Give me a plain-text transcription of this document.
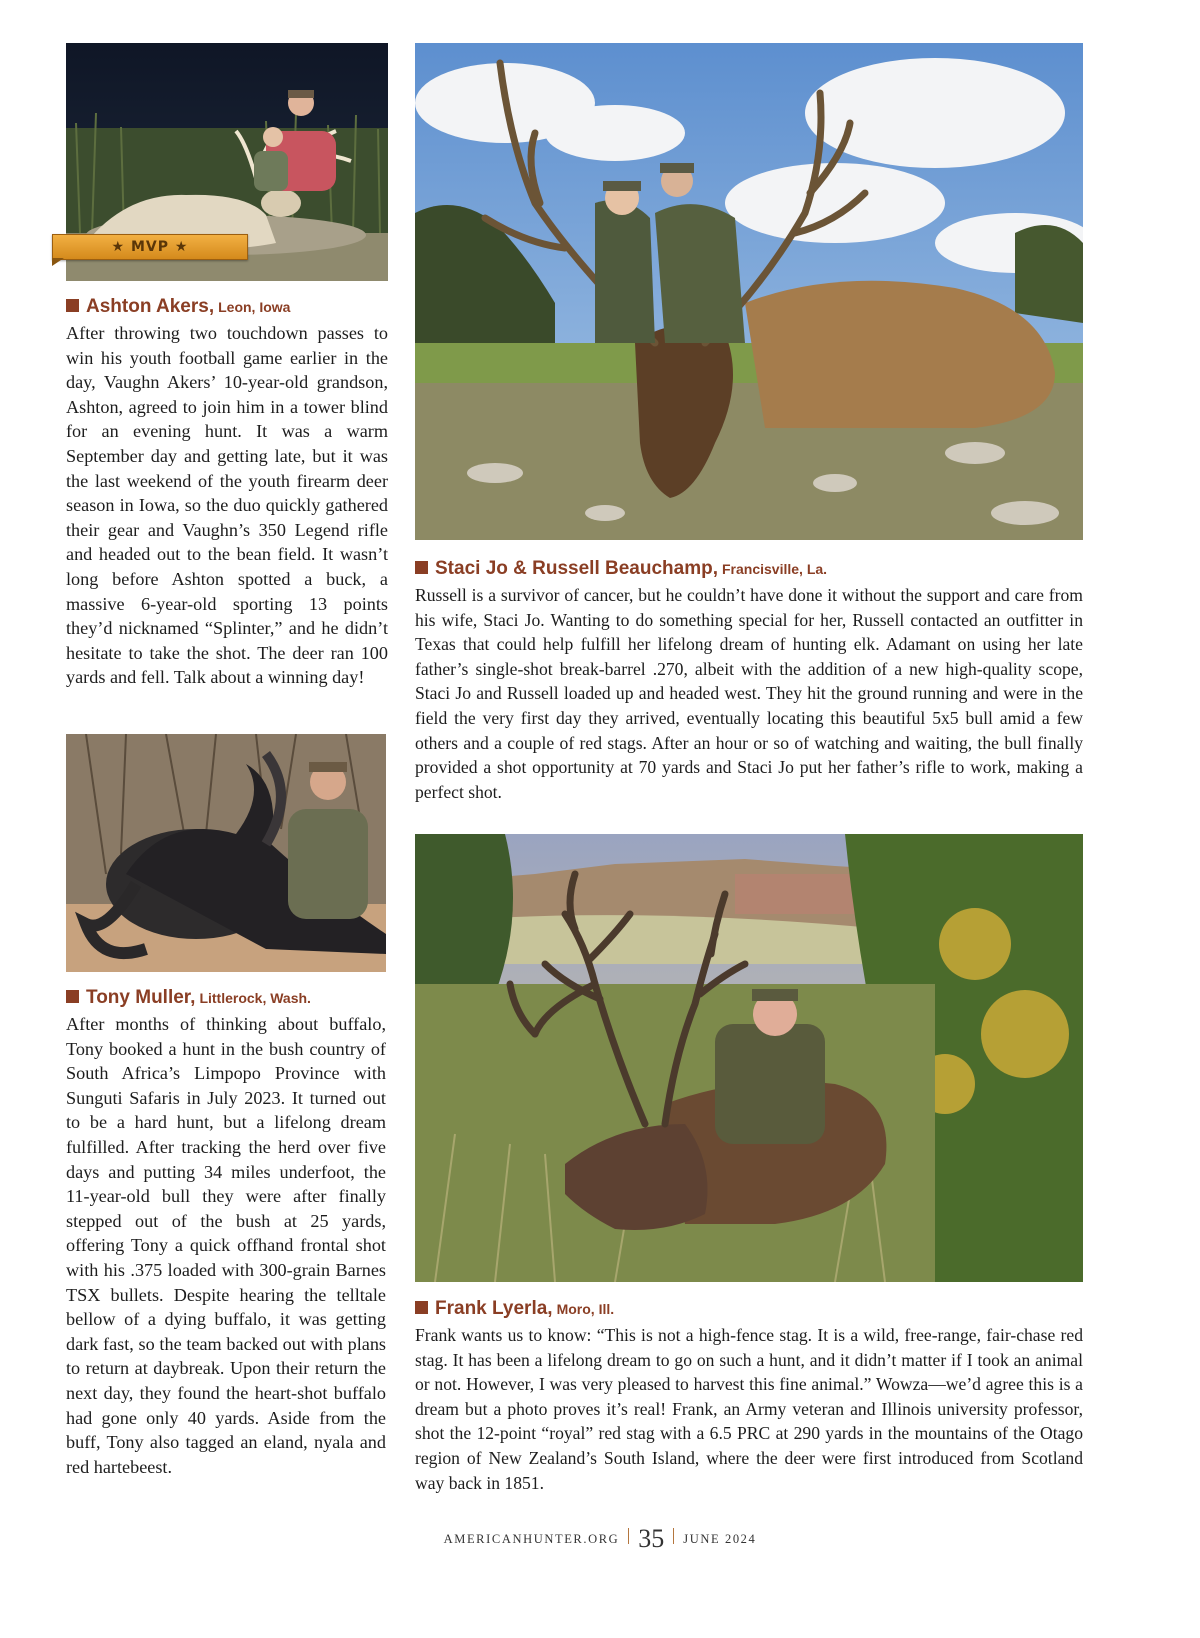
★ MVP ★
Ashton Akers, Leon, Iowa
After throwing two touchdown passes to win his youth football game earlier in the day, Vaughn Akers’ 10-year-old grandson, Ashton, agreed to join him in a tower blind for an evening hunt. It was a warm September day and getting late, but it was the last weekend of the youth firearm deer season in Iowa, so the duo quickly gathered their gear and Vaughn’s 350 Legend rifle and headed out to the bean field. It wasn’t long before Ashton spotted a buck, a massive 6-year-old sporting 13 points they’d nicknamed “Splinter,” and he didn’t hesitate to take the shot. The deer ran 100 yards and fell. Talk about a winning day!
Staci Jo & Russell Beauchamp, Francisville, La.
Russell is a survivor of cancer, but he couldn’t have done it without the support and care from his wife, Staci Jo. Wanting to do something special for her, Russell contacted an outfitter in Texas that could help fulfill her lifelong dream of hunting elk. Adamant on using her late father’s single-shot break-barrel .270, albeit with the addition of a new high-quality scope, Staci Jo and Russell loaded up and headed west. They hit the ground running and were in the field the very first day they arrived, eventually locating this beautiful 5x5 bull amid a few others and a couple of red stags. After an hour or so of watching and waiting, the bull finally provided a shot opportunity at 70 yards and Staci Jo put her father’s rifle to work, making a perfect shot.
Tony Muller, Littlerock, Wash.
After months of thinking about buffalo, Tony booked a hunt in the bush country of South Africa’s Limpopo Province with Sunguti Safaris in July 2023. It turned out to be a hard hunt, but a lifelong dream fulfilled. After tracking the herd over five days and putting 34 miles underfoot, the 11-year-old bull they were after finally stepped out of the bush at 25 yards, offering Tony a quick offhand frontal shot with his .375 loaded with 300-grain Barnes TSX bullets. Despite hearing the telltale bellow of a dying buffalo, it was getting dark fast, so the team backed out with plans to return at daybreak. Upon their return the next day, they found the heart-shot buffalo had gone only 40 yards. Aside from the buff, Tony also tagged an eland, nyala and red hartebeest.
Frank Lyerla, Moro, Ill.
Frank wants us to know: “This is not a high-fence stag. It is a wild, free-range, fair-chase red stag. It has been a lifelong dream to go on such a hunt, and it didn’t matter if I took an animal or not. However, I was very pleased to harvest this fine animal.” Wowza—we’d agree this is a dream but a photo proves it’s real! Frank, an Army veteran and Illinois university professor, shot the 12-point “royal” red stag with a 6.5 PRC at 290 yards in the mountains of the Otago region of New Zealand’s South Island, where the deer were first introduced from Scotland way back in 1851.
$^{AMERICANHUNTER.ORG}$ 35 $^{JUNE 2024}$
